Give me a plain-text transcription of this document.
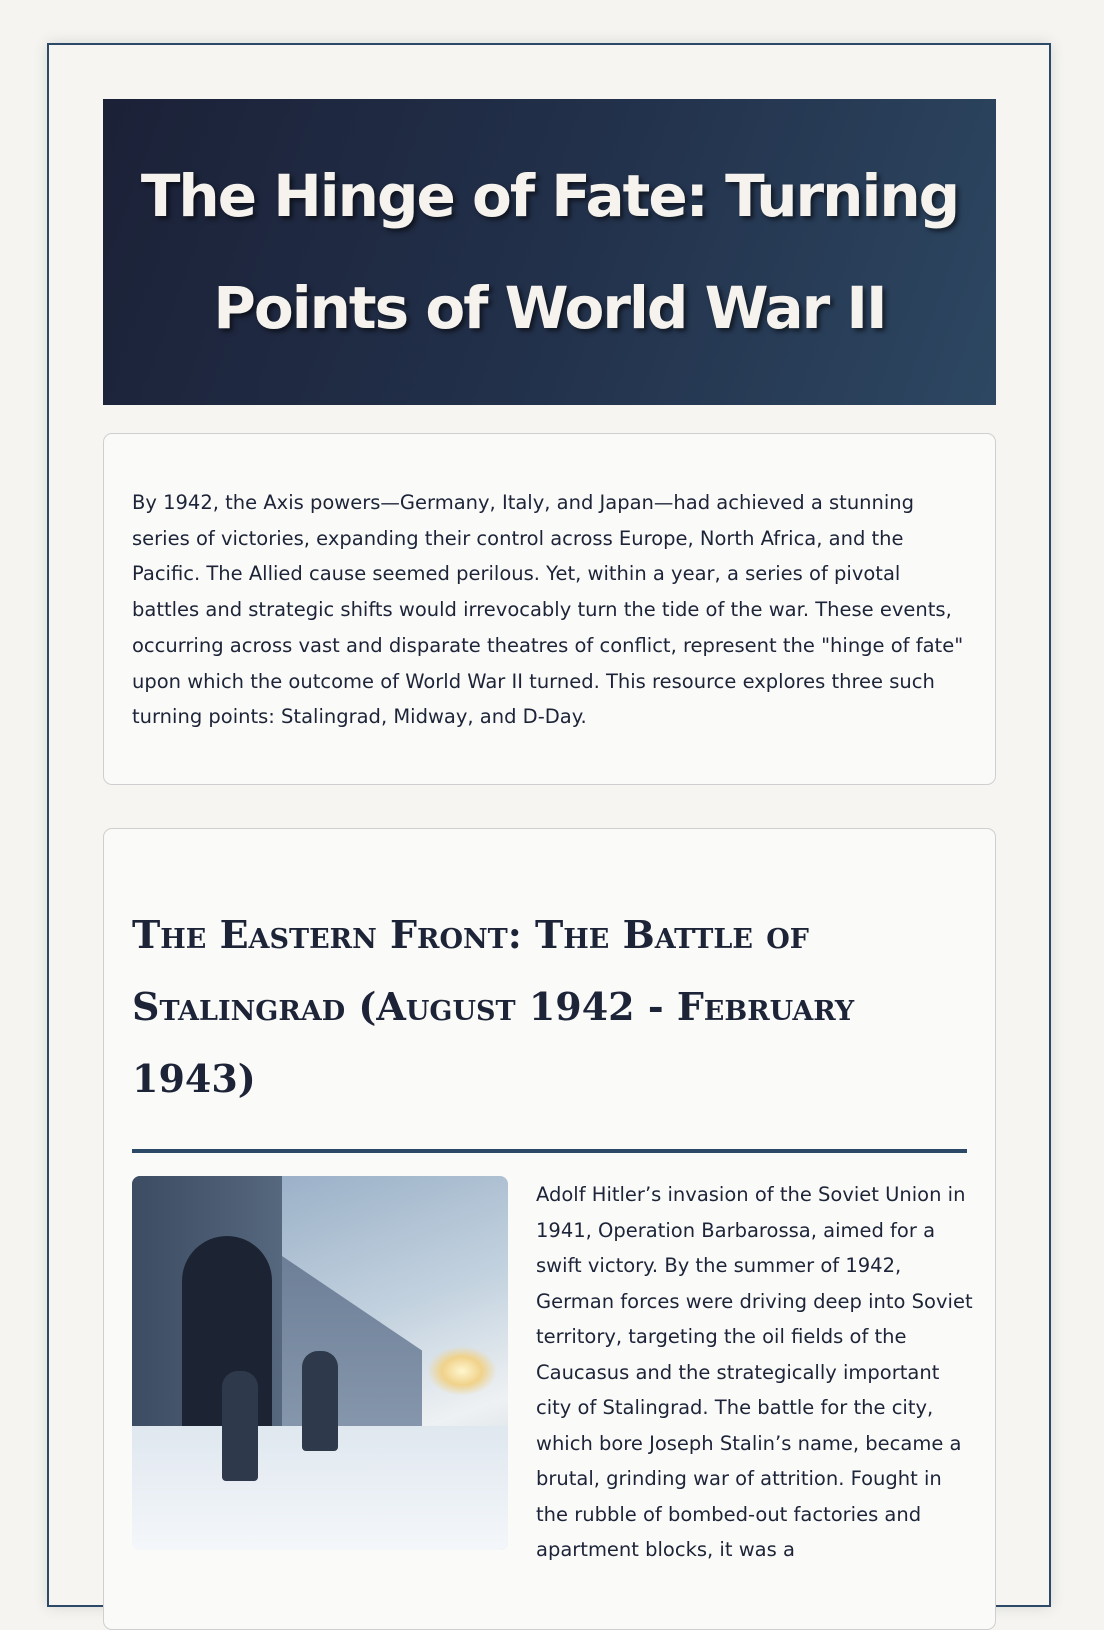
The Hinge of Fate: Turning Points of World War II

By 1942, the Axis powers—Germany, Italy, and Japan—had achieved a stunning series of victories, expanding their control across Europe, North Africa, and the Pacific. The Allied cause seemed perilous. Yet, within a year, a series of pivotal battles and strategic shifts would irrevocably turn the tide of the war. These events, occurring across vast and disparate theatres of conflict, represent the "hinge of fate" upon which the outcome of World War II turned. This resource explores three such turning points: Stalingrad, Midway, and D-Day.

The Eastern Front: The Battle of Stalingrad (August 1942 - February 1943)

Adolf Hitler’s invasion of the Soviet Union in 1941, Operation Barbarossa, aimed for a swift victory. By the summer of 1942, German forces were driving deep into Soviet territory, targeting the oil fields of the Caucasus and the strategically important city of Stalingrad. The battle for the city, which bore Joseph Stalin’s name, became a brutal, grinding war of attrition. Fought in the rubble of bombed-out factories and apartment blocks, it was a
